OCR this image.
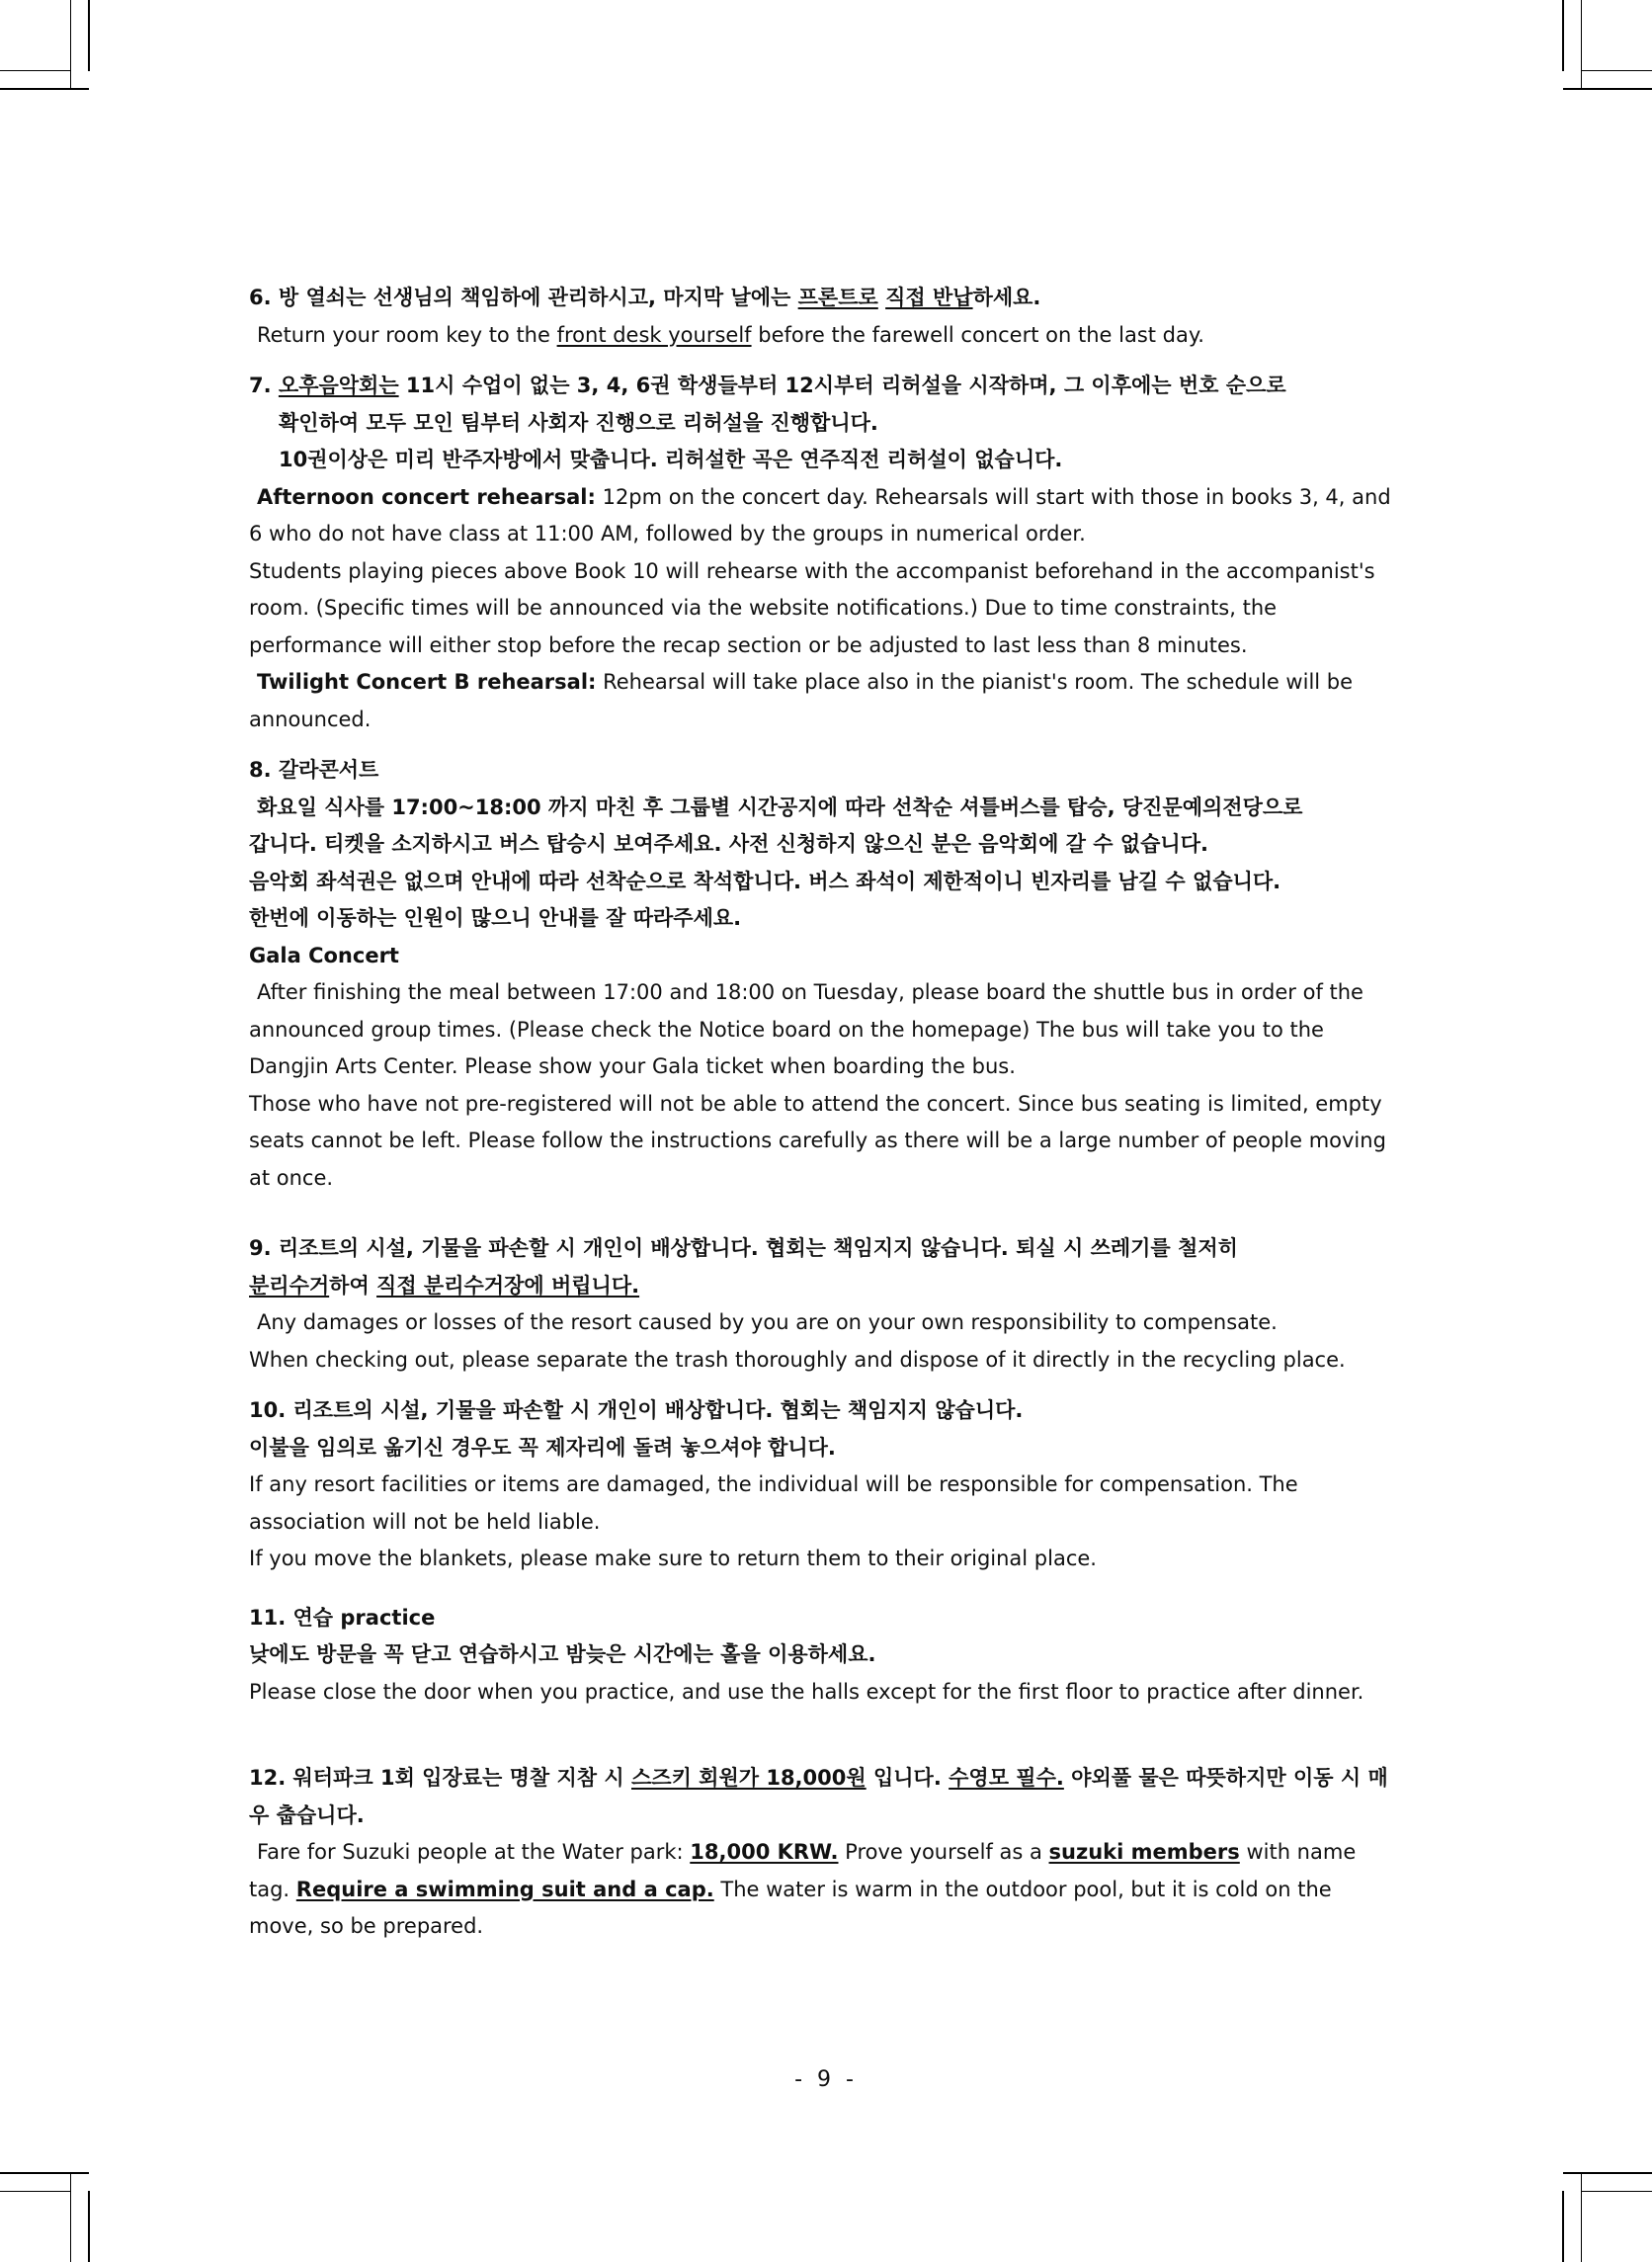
6. 방 열쇠는 선생님의 책임하에 관리하시고, 마지막 날에는 프론트로 직접 반납하세요.

Return your room key to the front desk yourself before the farewell concert on the last day.

7. 오후음악회는 11시 수업이 없는 3, 4, 6권 학생들부터 12시부터 리허설을 시작하며, 그 이후에는 번호 순으로

확인하여 모두 모인 팀부터 사회자 진행으로 리허설을 진행합니다.

10권이상은 미리 반주자방에서 맞춥니다. 리허설한 곡은 연주직전 리허설이 없습니다.

Afternoon concert rehearsal: 12pm on the concert day. Rehearsals will start with those in books 3, 4, and 6 who do not have class at 11:00 AM, followed by the groups in numerical order.

Students playing pieces above Book 10 will rehearse with the accompanist beforehand in the accompanist's room. (Specific times will be announced via the website notifications.) Due to time constraints, the performance will either stop before the recap section or be adjusted to last less than 8 minutes.

Twilight Concert B rehearsal: Rehearsal will take place also in the pianist's room. The schedule will be announced.

8. 갈라콘서트

화요일 식사를 17:00~18:00 까지 마친 후 그룹별 시간공지에 따라 선착순 셔틀버스를 탑승, 당진문예의전당으로

갑니다. 티켓을 소지하시고 버스 탑승시 보여주세요. 사전 신청하지 않으신 분은 음악회에 갈 수 없습니다.

음악회 좌석권은 없으며 안내에 따라 선착순으로 착석합니다. 버스 좌석이 제한적이니 빈자리를 남길 수 없습니다.

한번에 이동하는 인원이 많으니 안내를 잘 따라주세요.

Gala Concert

After finishing the meal between 17:00 and 18:00 on Tuesday, please board the shuttle bus in order of the announced group times. (Please check the Notice board on the homepage) The bus will take you to the Dangjin Arts Center. Please show your Gala ticket when boarding the bus.

Those who have not pre-registered will not be able to attend the concert. Since bus seating is limited, empty seats cannot be left. Please follow the instructions carefully as there will be a large number of people moving at once.

9. 리조트의 시설, 기물을 파손할 시 개인이 배상합니다. 협회는 책임지지 않습니다. 퇴실 시 쓰레기를 철저히

분리수거하여 직접 분리수거장에 버립니다.

Any damages or losses of the resort caused by you are on your own responsibility to compensate.

When checking out, please separate the trash thoroughly and dispose of it directly in the recycling place.

10. 리조트의 시설, 기물을 파손할 시 개인이 배상합니다. 협회는 책임지지 않습니다.

이불을 임의로 옮기신 경우도 꼭 제자리에 돌려 놓으셔야 합니다.

If any resort facilities or items are damaged, the individual will be responsible for compensation. The association will not be held liable.

If you move the blankets, please make sure to return them to their original place.

11. 연습 practice

낮에도 방문을 꼭 닫고 연습하시고 밤늦은 시간에는 홀을 이용하세요.

Please close the door when you practice, and use the halls except for the first floor to practice after dinner.

12. 워터파크 1회 입장료는 명찰 지참 시 스즈키 회원가 18,000원 입니다. 수영모 필수. 야외풀 물은 따뜻하지만 이동 시 매우 춥습니다.

Fare for Suzuki people at the Water park: 18,000 KRW. Prove yourself as a suzuki members with name tag. Require a swimming suit and a cap. The water is warm in the outdoor pool, but it is cold on the move, so be prepared.

- 9 -
